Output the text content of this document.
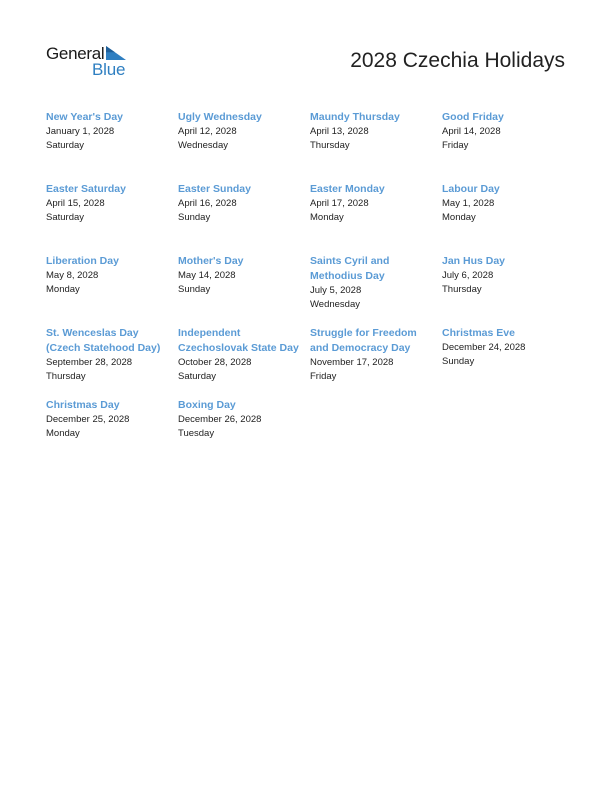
General
Blue	2028 Czechia Holidays
New Year's Day
January 1, 2028
Saturday
Ugly Wednesday
April 12, 2028
Wednesday
Maundy Thursday
April 13, 2028
Thursday
Good Friday
April 14, 2028
Friday
Easter Saturday
April 15, 2028
Saturday
Easter Sunday
April 16, 2028
Sunday
Easter Monday
April 17, 2028
Monday
Labour Day
May 1, 2028
Monday
Liberation Day
May 8, 2028
Monday
Mother's Day
May 14, 2028
Sunday
Saints Cyril and Methodius Day
July 5, 2028
Wednesday
Jan Hus Day
July 6, 2028
Thursday
St. Wenceslas Day (Czech Statehood Day)
September 28, 2028
Thursday
Independent Czechoslovak State Day
October 28, 2028
Saturday
Struggle for Freedom and Democracy Day
November 17, 2028
Friday
Christmas Eve
December 24, 2028
Sunday
Christmas Day
December 25, 2028
Monday
Boxing Day
December 26, 2028
Tuesday
